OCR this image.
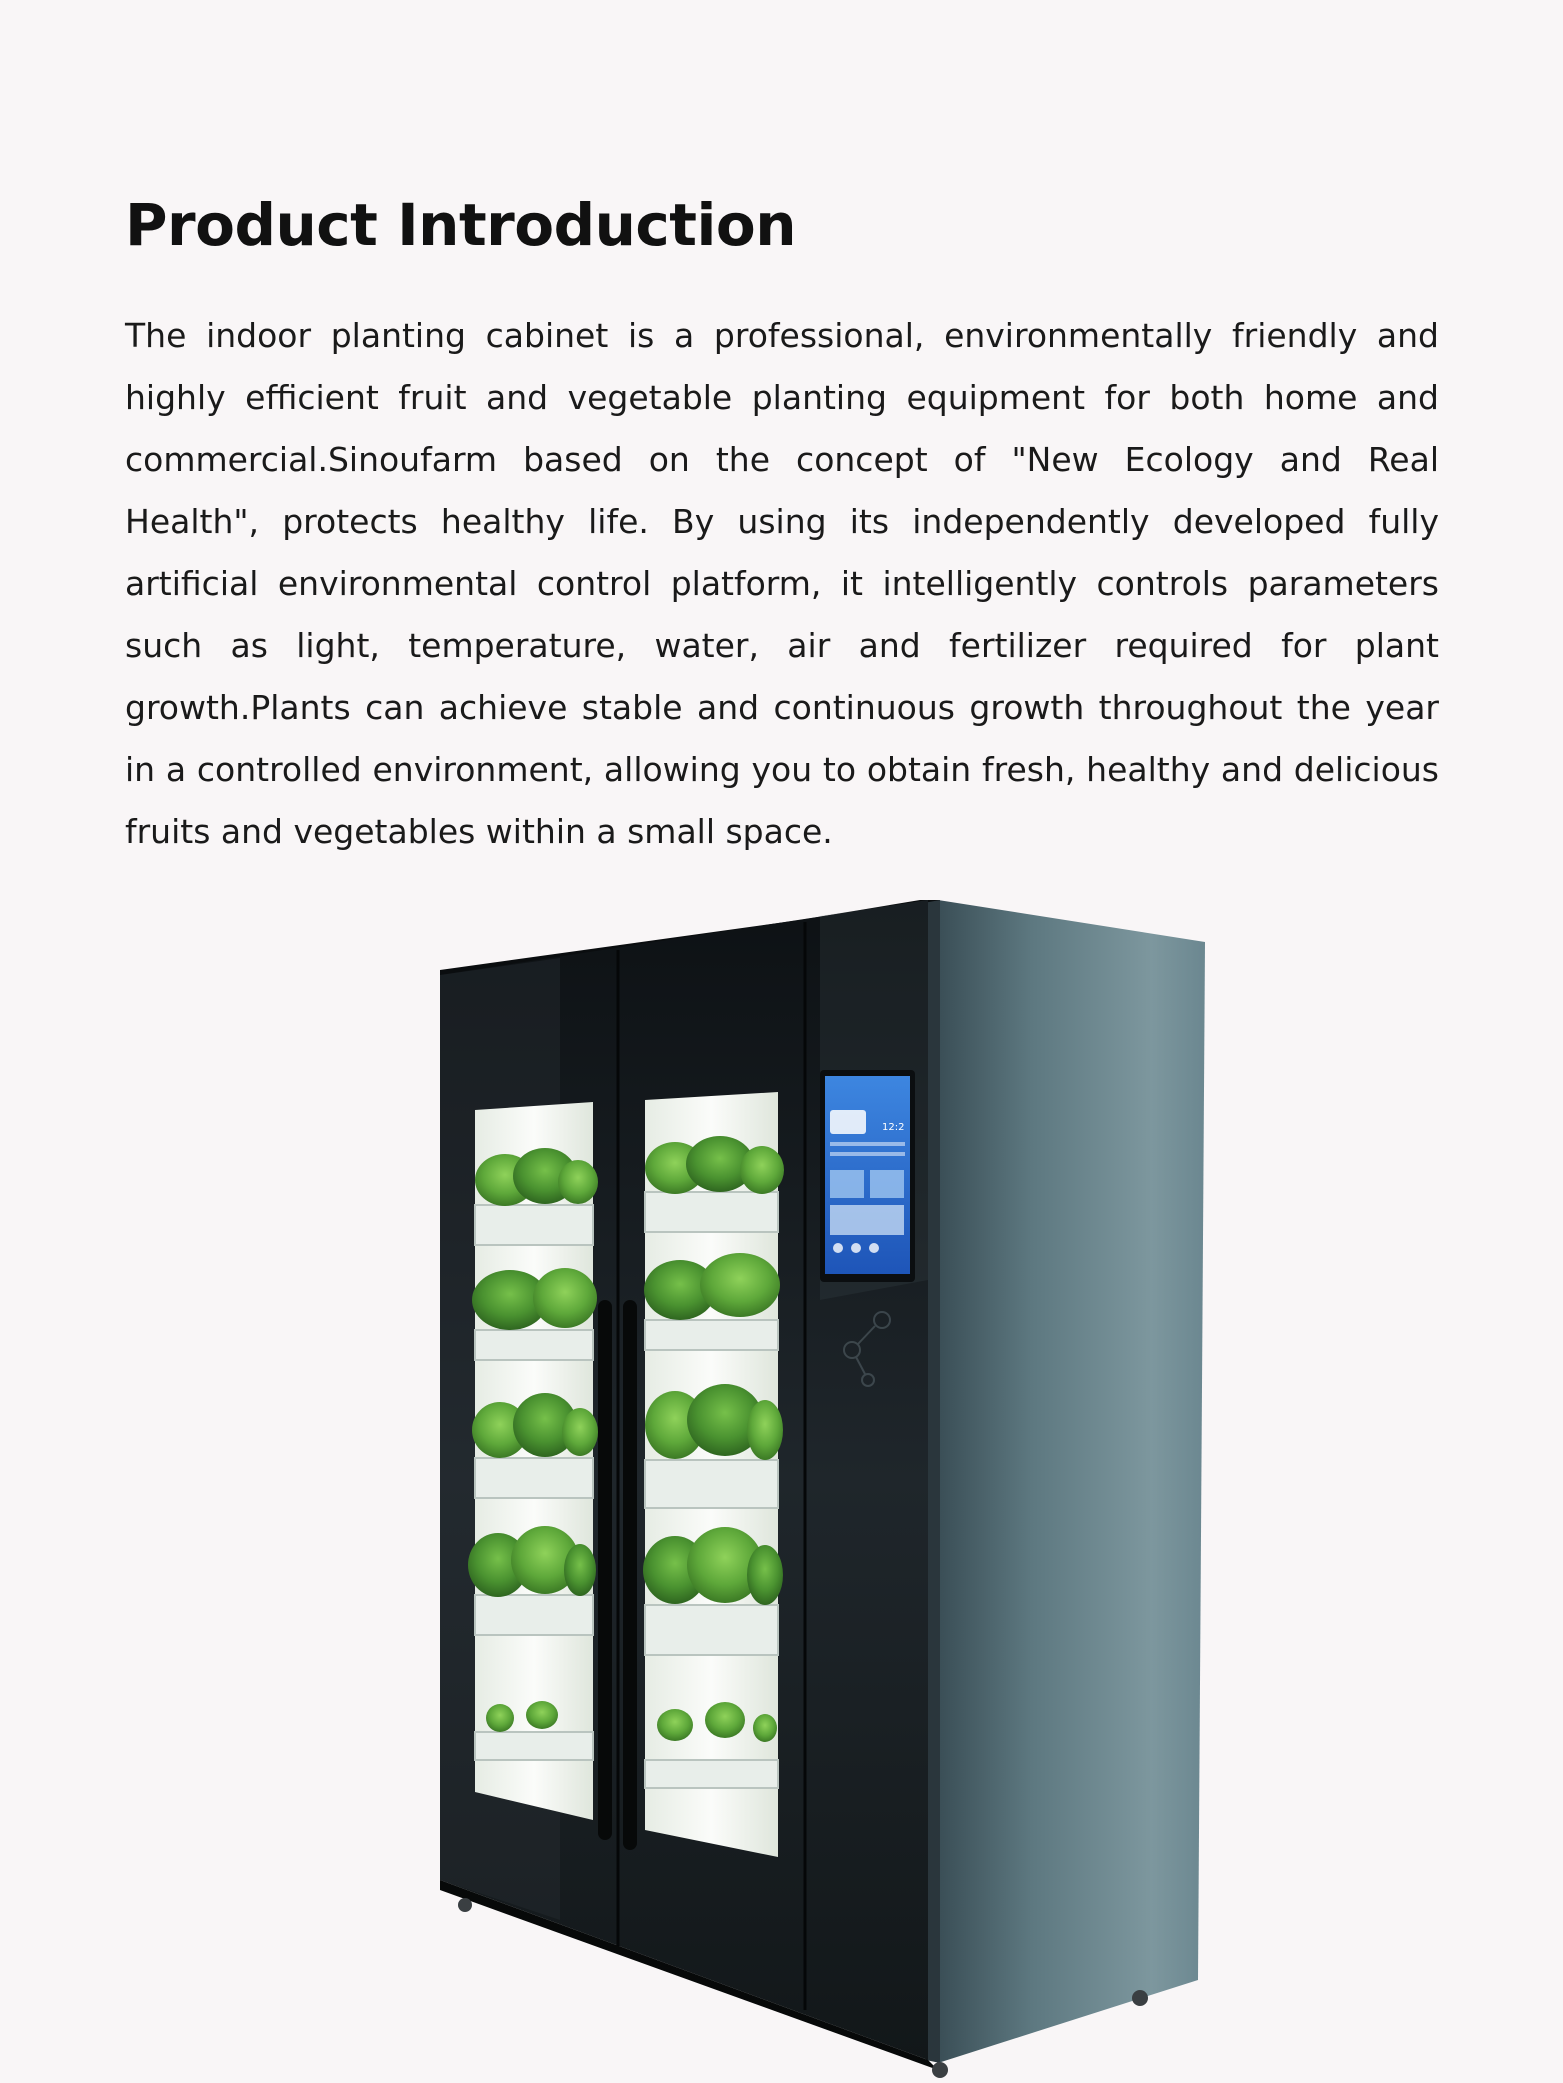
Product Introduction

The indoor planting cabinet is a professional, environmentally friendly and highly efficient fruit and vegetable planting equipment for both home and commercial.Sinoufarm based on the concept of "New Ecology and Real Health", protects healthy life. By using its independently developed fully artificial environmental control platform, it intelligently controls parameters such as light, temperature, water, air and fertilizer required for plant growth.Plants can achieve stable and continuous growth throughout the year in a controlled environment, allowing you to obtain fresh, healthy and delicious fruits and vegetables within a small space.

12:2
